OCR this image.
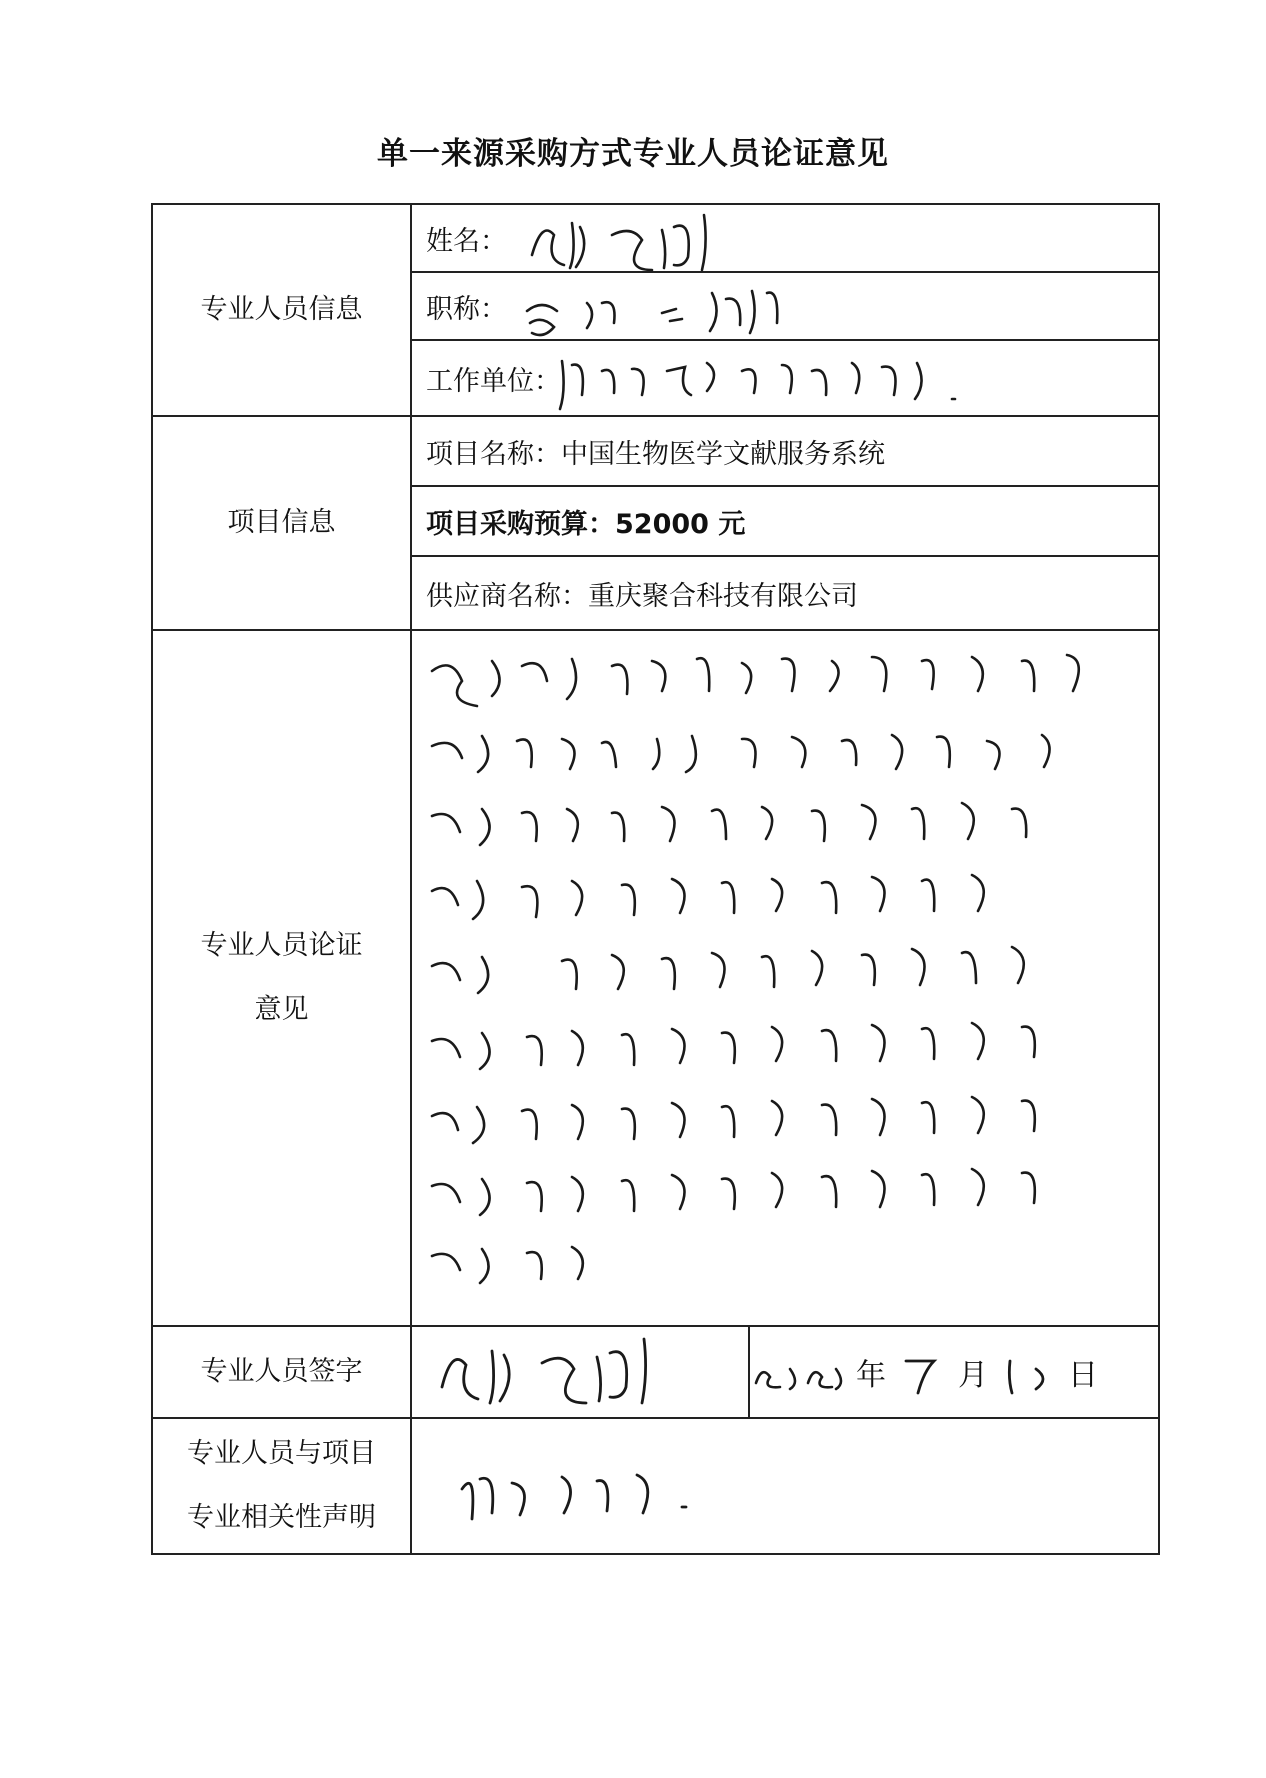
单一来源采购方式专业人员论证意见
专业人员信息	姓名：

	职称：

	工作单位：

项目信息	项目名称：中国生物医学文献服务系统
	项目采购预算：52000 元
	供应商名称：重庆聚合科技有限公司

专业人员论证
意见

专业人员签字	年 月 日

专业人员与项目
专业相关性声明
